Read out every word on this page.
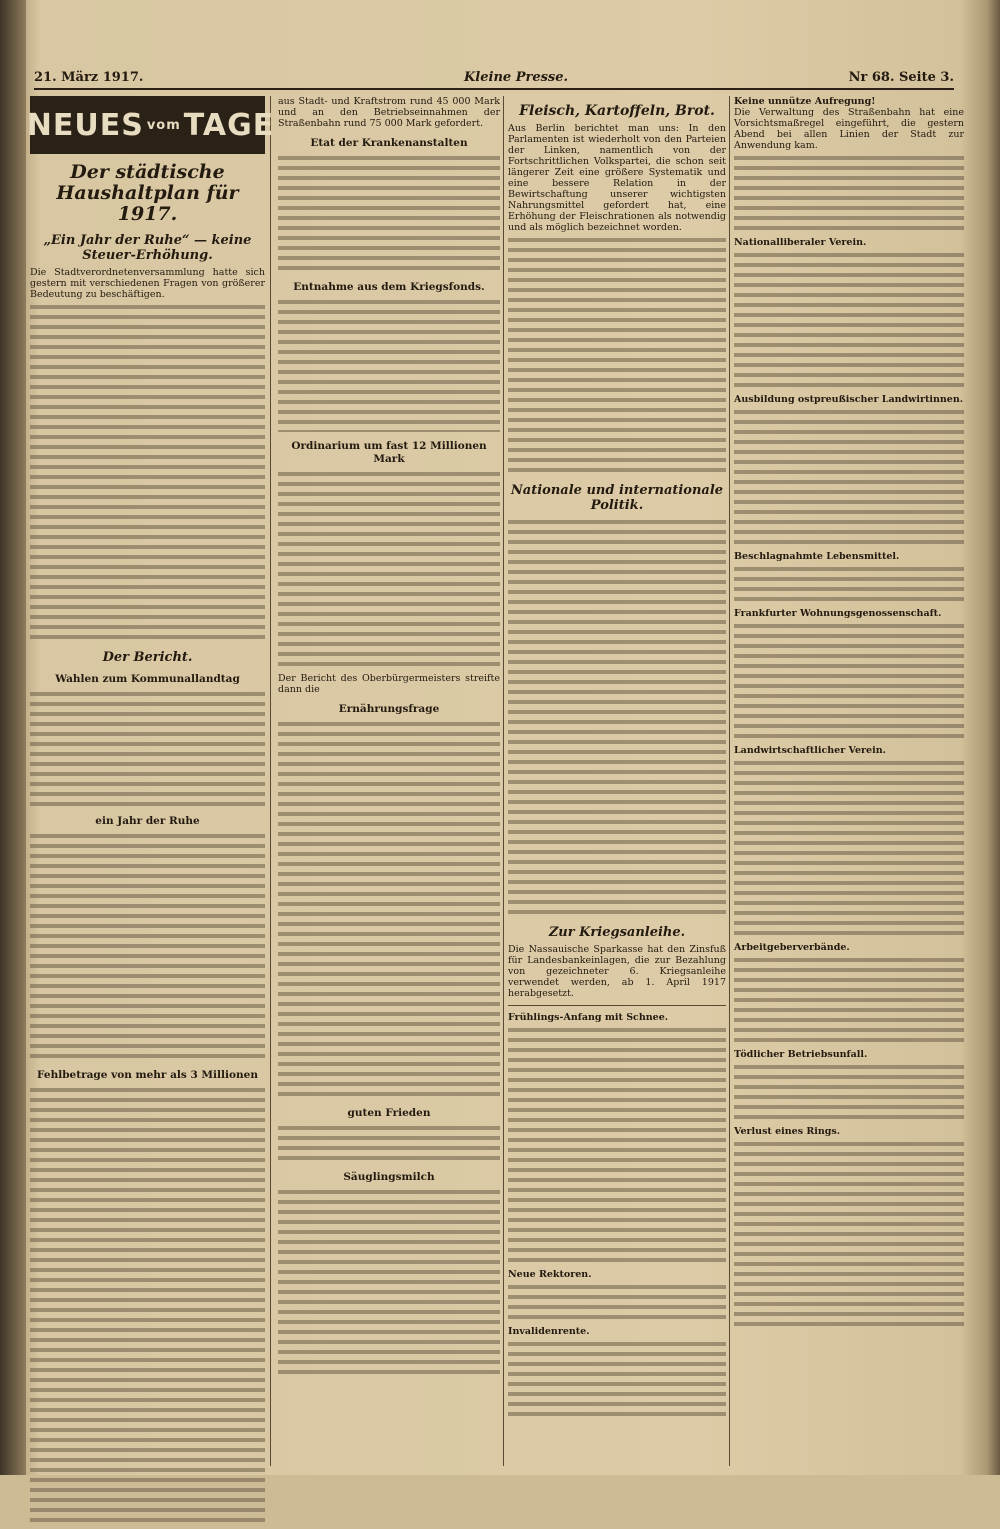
21. März 1917.	Kleine Presse.	Nr 68. Seite 3.
NEUES vom TAGE
Der städtische Haushaltplan für 1917.
„Ein Jahr der Ruhe“ — keine Steuer-Erhöhung.

Die Stadtverordnetenversammlung hatte sich gestern mit verschiedenen Fragen von größerer Bedeutung zu beschäftigen.

Der Bericht.
Wahlen zum Kommunallandtag
ein Jahr der Ruhe
Fehlbetrage von mehr als 3 Millionen

aus Stadt- und Kraftstrom rund 45 000 Mark und an den Betriebseinnahmen der Straßenbahn rund 75 000 Mark gefordert.

Etat der Krankenanstalten
Entnahme aus dem Kriegsfonds.
Ordinarium um fast 12 Millionen Mark

Der Bericht des Oberbürgermeisters streifte dann die

Ernährungsfrage
guten Frieden
Säuglingsmilch
Fleisch, Kartoffeln, Brot.

Aus Berlin berichtet man uns: In den Parlamenten ist wiederholt von den Parteien der Linken, namentlich von der Fortschrittlichen Volkspartei, die schon seit längerer Zeit eine größere Systematik und eine bessere Relation in der Bewirtschaftung unserer wichtigsten Nahrungsmittel gefordert hat, eine Erhöhung der Fleischrationen als notwendig und als möglich bezeichnet worden.

Nationale und internationale Politik.
Zur Kriegsanleihe.

Die Nassauische Sparkasse hat den Zinsfuß für Landesbankeinlagen, die zur Bezahlung von gezeichneter 6. Kriegsanleihe verwendet werden, ab 1. April 1917 herabgesetzt.

Frühlings-Anfang mit Schnee.
Neue Rektoren.
Invalidenrente.
Keine unnütze Aufregung!

Die Verwaltung des Straßenbahn hat eine Vorsichtsmaßregel eingeführt, die gestern Abend bei allen Linien der Stadt zur Anwendung kam.

Nationalliberaler Verein.
Ausbildung ostpreußischer Landwirtinnen.
Beschlagnahmte Lebensmittel.
Frankfurter Wohnungsgenossenschaft.
Landwirtschaftlicher Verein.
Arbeitgeberverbände.
Tödlicher Betriebsunfall.
Verlust eines Rings.
